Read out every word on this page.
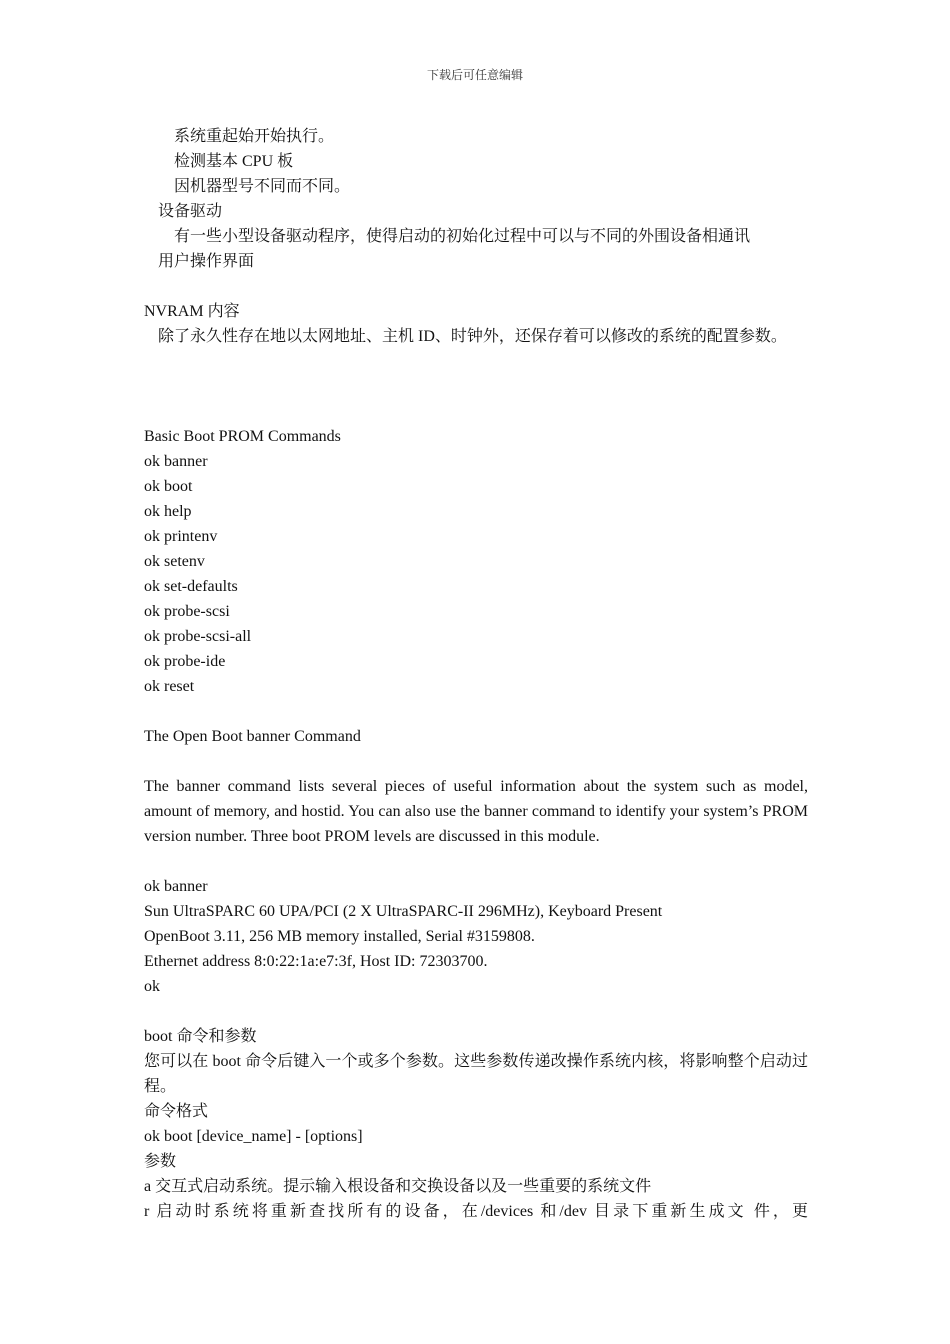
下载后可任意编辑
系统重起始开始执行。
检测基本 CPU 板
因机器型号不同而不同。
设备驱动
有一些小型设备驱动程序，使得启动的初始化过程中可以与不同的外围设备相通讯
用户操作界面
NVRAM 内容
除了永久性存在地以太网地址、主机 ID、时钟外，还保存着可以修改的系统的配置参数。
Basic Boot PROM Commands
ok banner
ok boot
ok help
ok printenv
ok setenv
ok set-defaults
ok probe-scsi
ok probe-scsi-all
ok probe-ide
ok reset
The Open Boot banner Command
The banner command lists several pieces of useful information about the system such as model, amount of memory, and hostid. You can also use the banner command to identify your system’s PROM version number. Three boot PROM levels are discussed in this module.
ok banner
Sun UltraSPARC 60 UPA/PCI (2 X UltraSPARC-II 296MHz), Keyboard Present
OpenBoot 3.11, 256 MB memory installed, Serial #3159808.
Ethernet address 8:0:22:1a:e7:3f, Host ID: 72303700.
ok
boot 命令和参数
您可以在 boot 命令后键入一个或多个参数。这些参数传递改操作系统内核，将影响整个启动过程。
命令格式
ok boot [device_name] - [options]
参数
a 交互式启动系统。提示输入根设备和交换设备以及一些重要的系统文件
r 启动时系统将重新查找所有的设备，在/devices 和/dev 目录下重新生成文 件，更
